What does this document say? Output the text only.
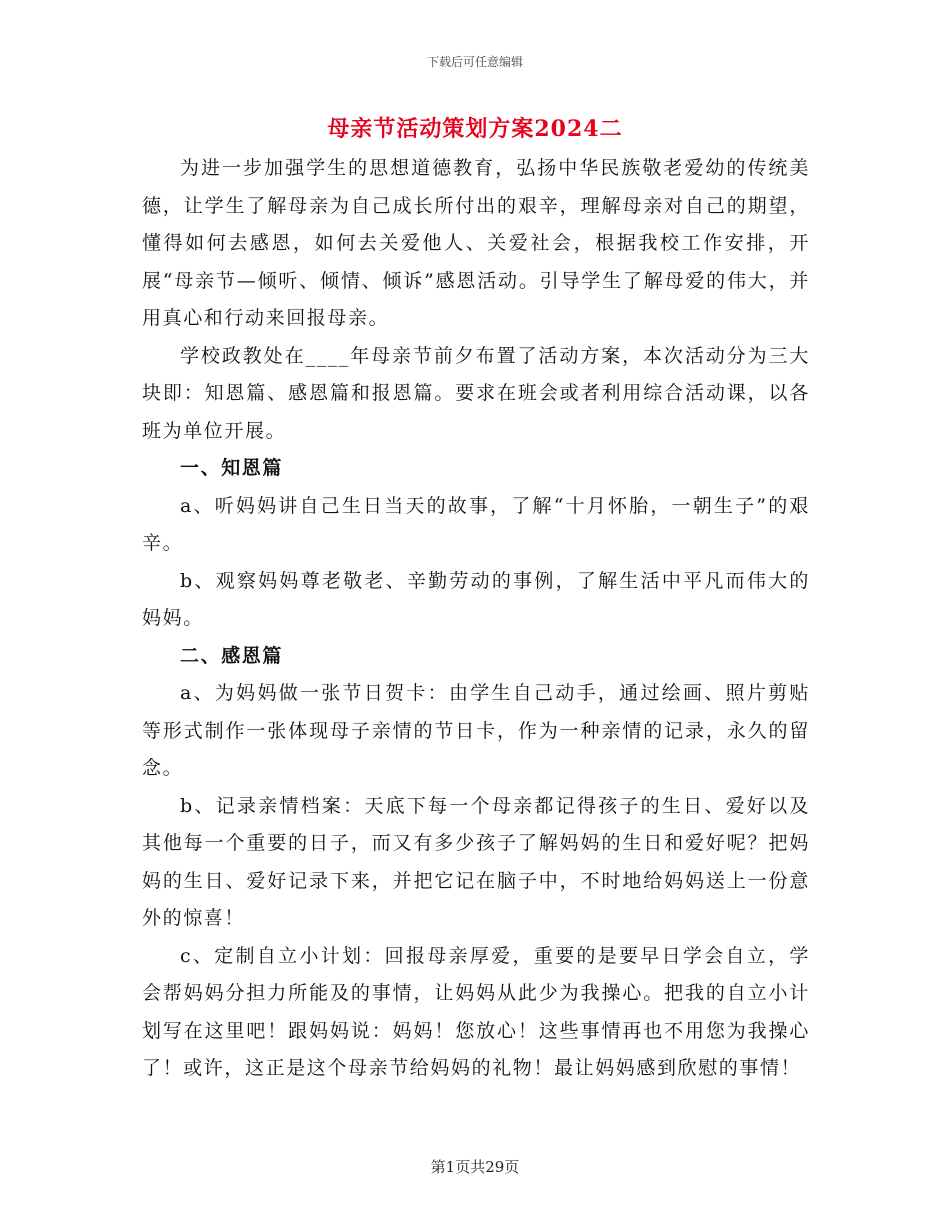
下载后可任意编辑
母亲节活动策划方案2024二

为进一步加强学生的思想道德教育，弘扬中华民族敬老爱幼的传统美德，让学生了解母亲为自己成长所付出的艰辛，理解母亲对自己的期望，懂得如何去感恩，如何去关爱他人、关爱社会，根据我校工作安排，开展“母亲节—倾听、倾情、倾诉”感恩活动。引导学生了解母爱的伟大，并用真心和行动来回报母亲。

学校政教处在____年母亲节前夕布置了活动方案，本次活动分为三大块即：知恩篇、感恩篇和报恩篇。要求在班会或者利用综合活动课，以各班为单位开展。

一、知恩篇

a、听妈妈讲自己生日当天的故事，了解“十月怀胎，一朝生子”的艰辛。

b、观察妈妈尊老敬老、辛勤劳动的事例，了解生活中平凡而伟大的妈妈。

二、感恩篇

a、为妈妈做一张节日贺卡：由学生自己动手，通过绘画、照片剪贴等形式制作一张体现母子亲情的节日卡，作为一种亲情的记录，永久的留念。

b、记录亲情档案：天底下每一个母亲都记得孩子的生日、爱好以及其他每一个重要的日子，而又有多少孩子了解妈妈的生日和爱好呢？把妈妈的生日、爱好记录下来，并把它记在脑子中，不时地给妈妈送上一份意外的惊喜！

c、定制自立小计划：回报母亲厚爱，重要的是要早日学会自立，学会帮妈妈分担力所能及的事情，让妈妈从此少为我操心。把我的自立小计划写在这里吧！跟妈妈说：妈妈！您放心！这些事情再也不用您为我操心了！或许，这正是这个母亲节给妈妈的礼物！最让妈妈感到欣慰的事情！

第1页共29页
